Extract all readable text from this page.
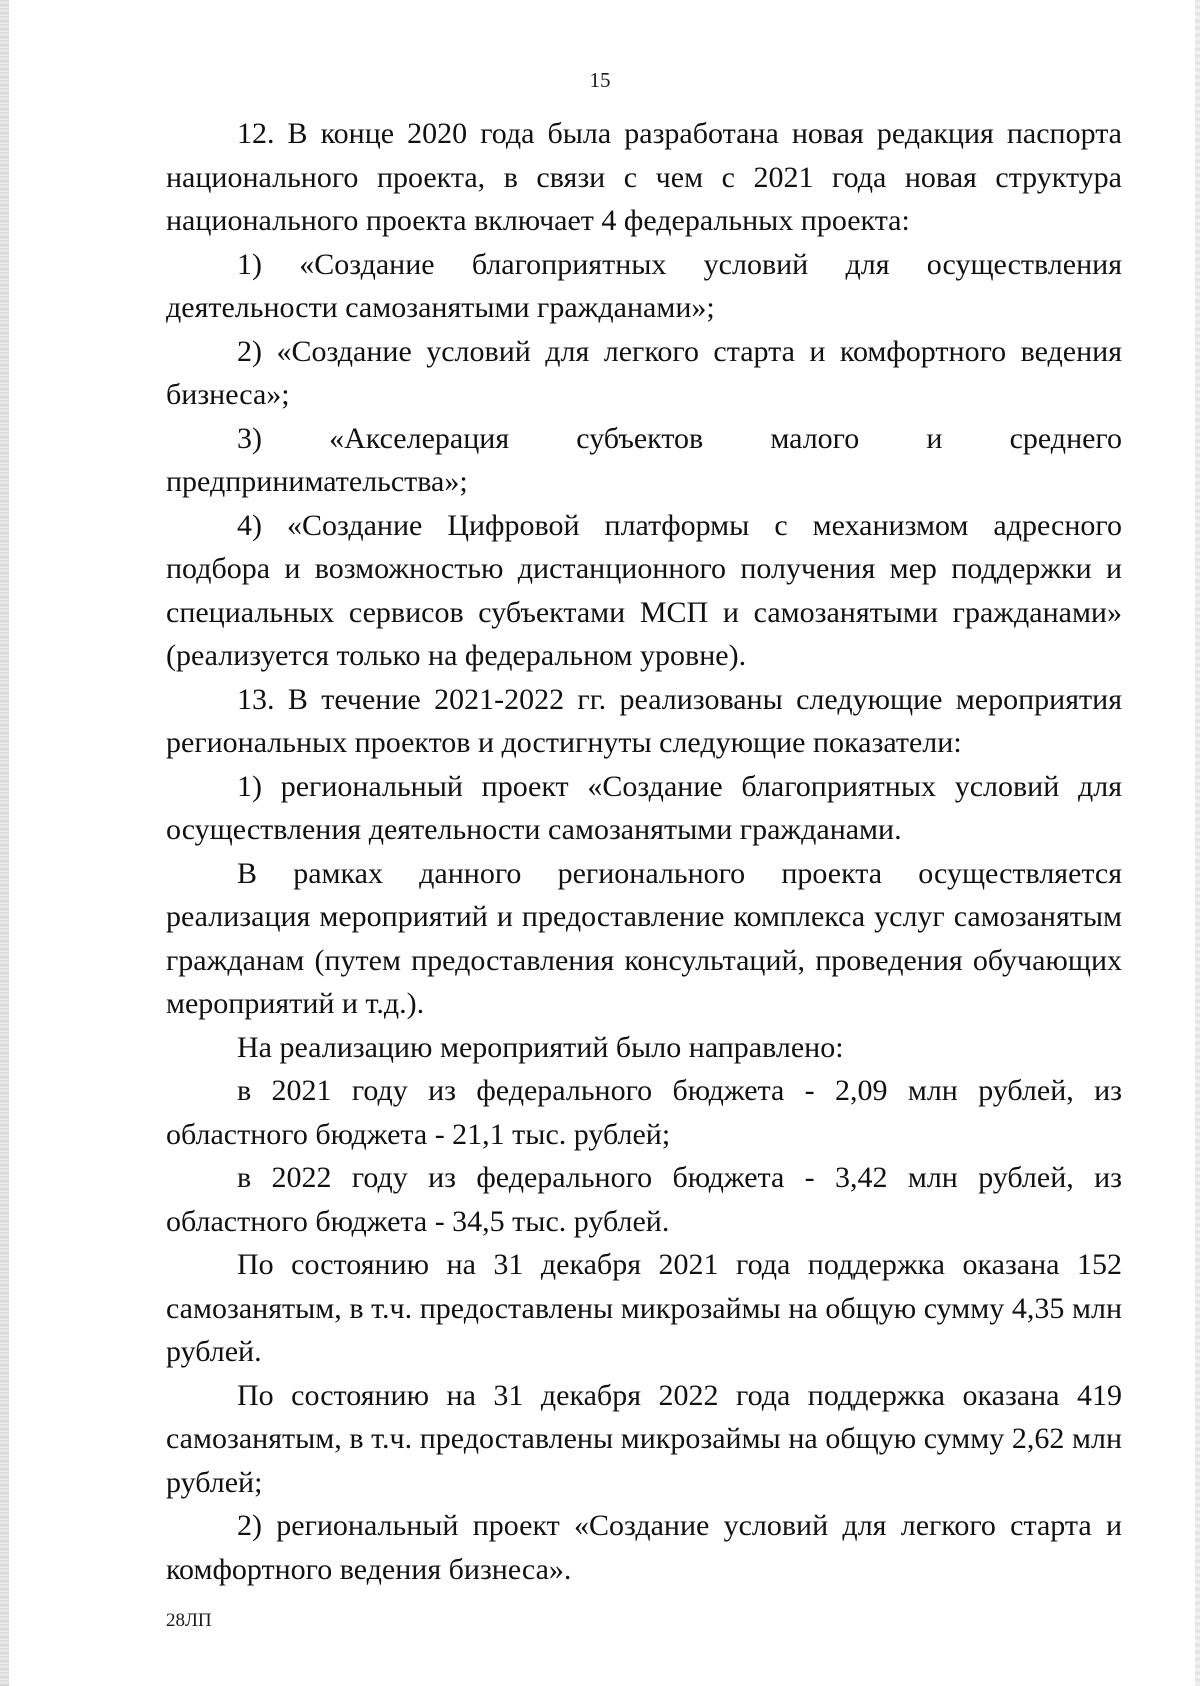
15

12. В конце 2020 года была разработана новая редакция паспорта национального проекта, в связи с чем с 2021 года новая структура национального проекта включает 4 федеральных проекта:

1) «Создание благоприятных условий для осуществления деятельности самозанятыми гражданами»;

2) «Создание условий для легкого старта и комфортного ведения бизнеса»;

3) «Акселерация субъектов малого и среднего предпринимательства»;

4) «Создание Цифровой платформы с механизмом адресного подбора и возможностью дистанционного получения мер поддержки и специальных сервисов субъектами МСП и самозанятыми гражданами» (реализуется только на федеральном уровне).

13. В течение 2021-2022 гг. реализованы следующие мероприятия региональных проектов и достигнуты следующие показатели:

1) региональный проект «Создание благоприятных условий для осуществления деятельности самозанятыми гражданами.

В рамках данного регионального проекта осуществляется реализация мероприятий и предоставление комплекса услуг самозанятым гражданам (путем предоставления консультаций, проведения обучающих мероприятий и т.д.).

На реализацию мероприятий было направлено:

в 2021 году из федерального бюджета - 2,09 млн рублей, из областного бюджета - 21,1 тыс. рублей;

в 2022 году из федерального бюджета - 3,42 млн рублей, из областного бюджета - 34,5 тыс. рублей.

По состоянию на 31 декабря 2021 года поддержка оказана 152 самозанятым, в т.ч. предоставлены микрозаймы на общую сумму 4,35 млн рублей.

По состоянию на 31 декабря 2022 года поддержка оказана 419 самозанятым, в т.ч. предоставлены микрозаймы на общую сумму 2,62 млн рублей;

2) региональный проект «Создание условий для легкого старта и комфортного ведения бизнеса».

28ЛП
